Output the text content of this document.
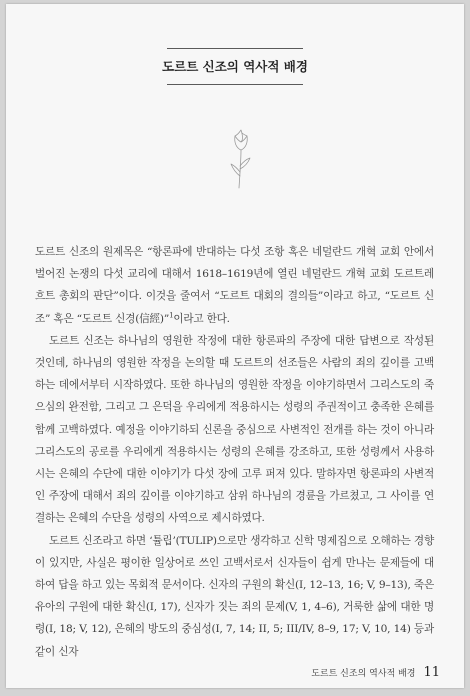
도르트 신조의 역사적 배경

도르트 신조의 원제목은 “항론파에 반대하는 다섯 조항 혹은 네덜란드 개혁 교회 안에서 벌어진 논쟁의 다섯 교리에 대해서 1618–1619년에 열린 네덜란드 개혁 교회 도르트레흐트 총회의 판단”이다. 이것을 줄여서 “도르트 대회의 결의들”이라고 하고, “도르트 신조” 혹은 “도르트 신경(信經)”$^1$이라고 한다.

도르트 신조는 하나님의 영원한 작정에 대한 항론파의 주장에 대한 답변으로 작성된 것인데, 하나님의 영원한 작정을 논의할 때 도르트의 선조들은 사람의 죄의 깊이를 고백하는 데에서부터 시작하였다. 또한 하나님의 영원한 작정을 이야기하면서 그리스도의 죽으심의 완전함, 그리고 그 은덕을 우리에게 적용하시는 성령의 주권적이고 충족한 은혜를 함께 고백하였다. 예정을 이야기하되 신론을 중심으로 사변적인 전개를 하는 것이 아니라 그리스도의 공로를 우리에게 적용하시는 성령의 은혜를 강조하고, 또한 성령께서 사용하시는 은혜의 수단에 대한 이야기가 다섯 장에 고루 퍼져 있다. 말하자면 항론파의 사변적인 주장에 대해서 죄의 깊이를 이야기하고 삼위 하나님의 경륜을 가르쳤고, 그 사이를 연결하는 은혜의 수단을 성령의 사역으로 제시하였다.

도르트 신조라고 하면 ‘튤립’(TULIP)으로만 생각하고 신학 명제집으로 오해하는 경향이 있지만, 사실은 평이한 일상어로 쓰인 고백서로서 신자들이 쉽게 만나는 문제들에 대하여 답을 하고 있는 목회적 문서이다. 신자의 구원의 확신(I, 12–13, 16; V, 9–13), 죽은 유아의 구원에 대한 확신(I, 17), 신자가 짓는 죄의 문제(V, 1, 4–6), 거룩한 삶에 대한 명령(I, 18; V, 12), 은혜의 방도의 중심성(I, 7, 14; II, 5; III/IV, 8–9, 17; V, 10, 14) 등과 같이 신자

도르트 신조의 역사적 배경 11
